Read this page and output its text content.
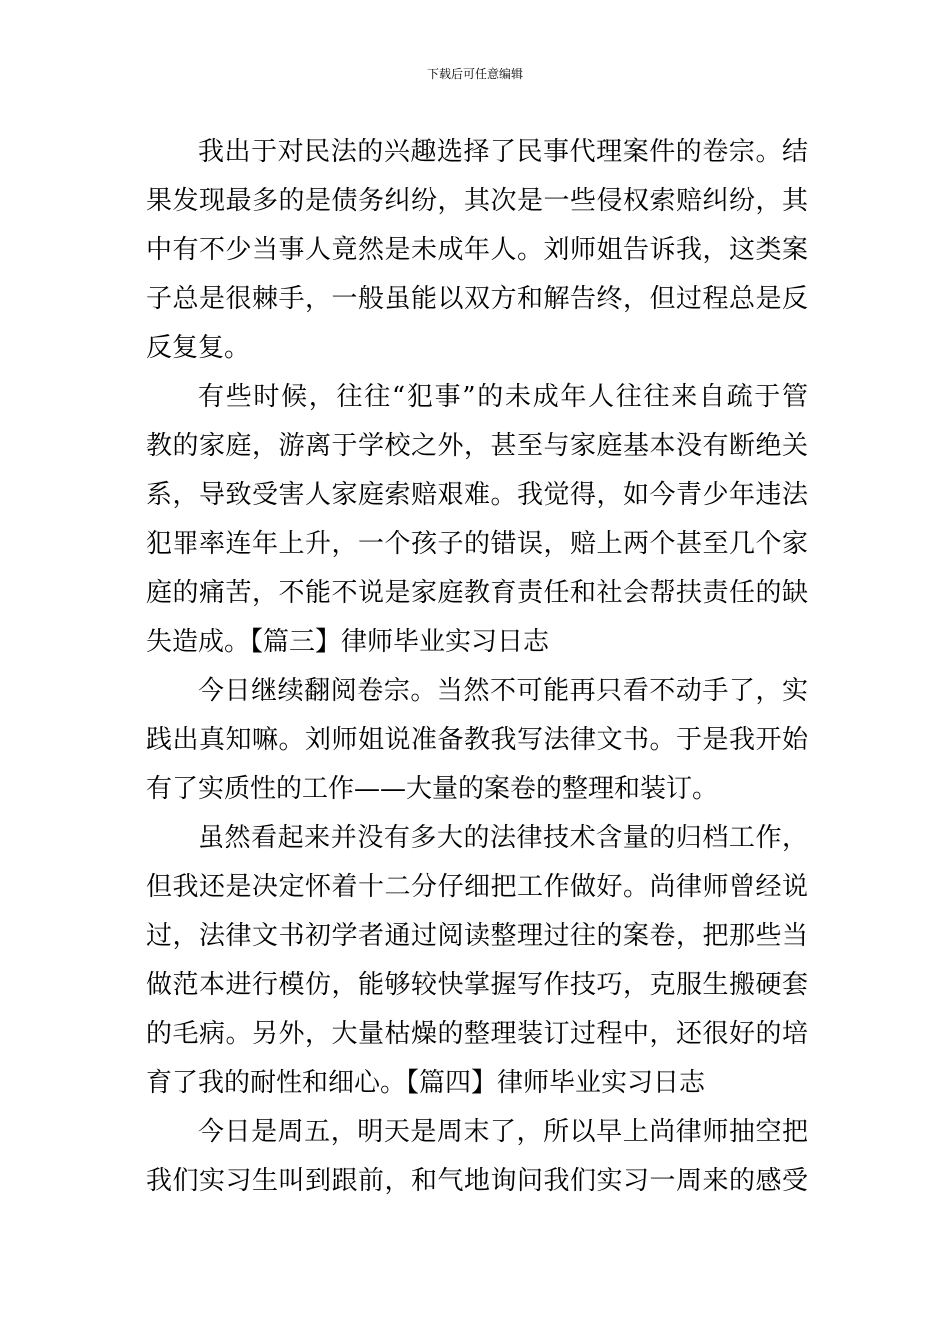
下载后可任意编辑
我出于对民法的兴趣选择了民事代理案件的卷宗。结
果发现最多的是债务纠纷，其次是一些侵权索赔纠纷，其
中有不少当事人竟然是未成年人。刘师姐告诉我，这类案
子总是很棘手，一般虽能以双方和解告终，但过程总是反
反复复。
有些时候，往往“犯事”的未成年人往往来自疏于管
教的家庭，游离于学校之外，甚至与家庭基本没有断绝关
系，导致受害人家庭索赔艰难。我觉得，如今青少年违法
犯罪率连年上升，一个孩子的错误，赔上两个甚至几个家
庭的痛苦，不能不说是家庭教育责任和社会帮扶责任的缺
失造成。【篇三】律师毕业实习日志
今日继续翻阅卷宗。当然不可能再只看不动手了，实
践出真知嘛。刘师姐说准备教我写法律文书。于是我开始
有了实质性的工作——大量的案卷的整理和装订。
虽然看起来并没有多大的法律技术含量的归档工作，
但我还是决定怀着十二分仔细把工作做好。尚律师曾经说
过，法律文书初学者通过阅读整理过往的案卷，把那些当
做范本进行模仿，能够较快掌握写作技巧，克服生搬硬套
的毛病。另外，大量枯燥的整理装订过程中，还很好的培
育了我的耐性和细心。【篇四】律师毕业实习日志
今日是周五，明天是周末了，所以早上尚律师抽空把
我们实习生叫到跟前，和气地询问我们实习一周来的感受
